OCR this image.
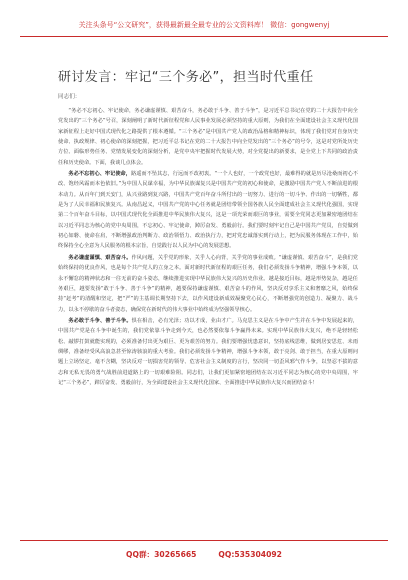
关注头条号“公文研究”，获得最新最全最专业的公文资料库！ 微信：gongwenyj
研讨发言：牢记“三个务必”，担当时代重任
同志们：

“务必不忘初心、牢记使命，务必谦虚谨慎、艰苦奋斗，务必敢于斗争、善于斗争”，是习近平总书记在党的二十大报告中向全党发出的“三个务必”号召，深刻阐明了新时代新征程党和人民事业发展必须坚持的重大原则，为我们在全面建设社会主义现代化国家新征程上走好中国式现代化之路提供了根本遵循。“三个务必”是中国共产党人的政治品格和精神标识，体现了我们党对自身历史使命、执政规律、初心使命的深刻把握，把习近平总书记在党的二十大报告中向全党发出的“三个务必”的号令，这是对党所处历史方位、面临形势任务、党情发展变化的深刻分析，是党中央牢把握时代发展大势，对全党提出的新要求，是全党上下共同的政治责任和历史使命。下面，我谈几点体会。

务必不忘初心、牢记使命，路遥而不坠其志，行远而不改初衷。“一个人也好，一个政党也好，最难得的就是历尽沧桑而初心不改、饱经风霜而本色依旧。”为中国人民谋幸福，为中华民族谋复兴是中国共产党的初心和使命，是激励中国共产党人不断前进的根本动力。从百年门到天安门，从兴业路到复兴路，中国共产党百年奋斗所付出的一切努力、进行的一切斗争、作出的一切牺牲，都是为了人民幸福和民族复兴。从南昌起义，中国共产党的中心任务就是团结带领全国各族人民全面建成社会主义现代化强国，实现第二个百年奋斗目标，以中国式现代化全面推进中华民族伟大复兴，这是一项光荣而艰巨的事业，需要全党同志更加紧密地团结在以习近平同志为核心的党中央周围，不忘初心、牢记使命，踔厉奋发、勇毅前行。我们要时刻牢记自己是中国共产党员，自觉做到初心如磐、使命在肩，不断增强政治判断力、政治领悟力、政治执行力，把对党忠诚落实到行动上，把为民服务体现在工作中，始终保持全心全意为人民服务的根本宗旨，自觉践行以人民为中心的发展思想。

务必谦虚谨慎、艰苦奋斗。作风问题，关乎党的形象，关乎人心向背，关乎党的事业成败。“谦虚谨慎、艰苦奋斗”，是我们党始终保持的优良作风，也是每个共产党人的立身之本。面对新时代新征程的艰巨任务，我们必须发扬斗争精神，增强斗争本领，以永不懈怠的精神状态和一往无前的奋斗姿态，继续推进实现中华民族伟大复兴的历史伟业。越是接近目标，越是形势复杂，越是任务艰巨，越要发扬“敢于斗争、善于斗争”的精神，越要保持谦虚谨慎、艰苦奋斗的作风，坚决反对享乐主义和奢靡之风，始终保持“赶考”的清醒和坚定，把“严”的主基调长期坚持下去，以作风建设新成效凝聚党心民心，不断增强党的创造力、凝聚力、战斗力，以永不停歇的奋斗者姿态，确保党在新时代的伟大事业中始终成为坚强领导核心。

务必敢于斗争、善于斗争。惧在相击，必有光泽；功以才成，业由才广。马克思主义是在斗争中产生并在斗争中发展起来的，中国共产党是在斗争中诞生的，我们党依靠斗争走到今天，也必然要依靠斗争赢得未来。实现中华民族伟大复兴，绝不是轻轻松松、敲锣打鼓就能实现的，必须准备付出更为艰巨、更为艰苦的努力。我们要增强忧患意识，坚持底线思维，做到居安思危、未雨绸缪，准备经受风高浪急甚至惊涛骇浪的重大考验。我们必须发扬斗争精神，增强斗争本领，敢于亮剑、敢于担当，在重大原则问题上立场坚定、毫不含糊，坚决反对一切损害党的领导、危害社会主义制度的言行，坚决同一切歪风邪气作斗争，以坚忍不拔的意志和无私无畏的勇气战胜前进道路上的一切艰难险阻。同志们，让我们更加紧密地团结在以习近平同志为核心的党中央周围，牢记“三个务必”，踔厉奋发、勇毅前行，为全面建设社会主义现代化国家、全面推进中华民族伟大复兴而团结奋斗！

QQ群：30265665	QQ:535304092
